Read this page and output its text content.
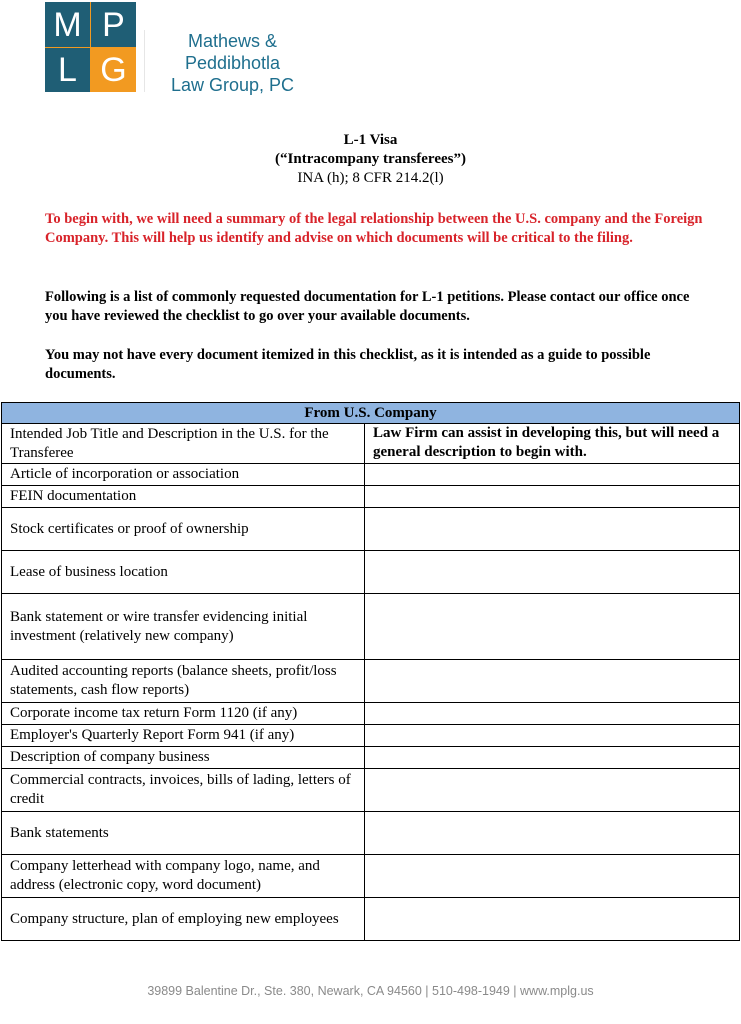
M P
L G
Mathews & Peddibhotla
Law Group, PC
L-1 Visa
(“Intracompany transferees”)
INA (h); 8 CFR 214.2(l)
To begin with, we will need a summary of the legal relationship between the U.S. company and the Foreign Company. This will help us identify and advise on which documents will be critical to the filing.
Following is a list of commonly requested documentation for L-1 petitions. Please contact our office once you have reviewed the checklist to go over your available documents.
You may not have every document itemized in this checklist, as it is intended as a guide to possible documents.
From U.S. Company	
Intended Job Title and Description in the U.S. for the Transferee	Law Firm can assist in developing this, but will need a general description to begin with.
Article of incorporation or association	
FEIN documentation	
Stock certificates or proof of ownership	
Lease of business location	
Bank statement or wire transfer evidencing initial investment (relatively new company)	
Audited accounting reports (balance sheets, profit/loss statements, cash flow reports)	
Corporate income tax return Form 1120 (if any)	
Employer's Quarterly Report Form 941 (if any)	
Description of company business	
Commercial contracts, invoices, bills of lading, letters of credit	
Bank statements	
Company letterhead with company logo, name, and address (electronic copy, word document)	
Company structure, plan of employing new employees	
39899 Balentine Dr., Ste. 380, Newark, CA 94560 | 510-498-1949 | www.mplg.us
